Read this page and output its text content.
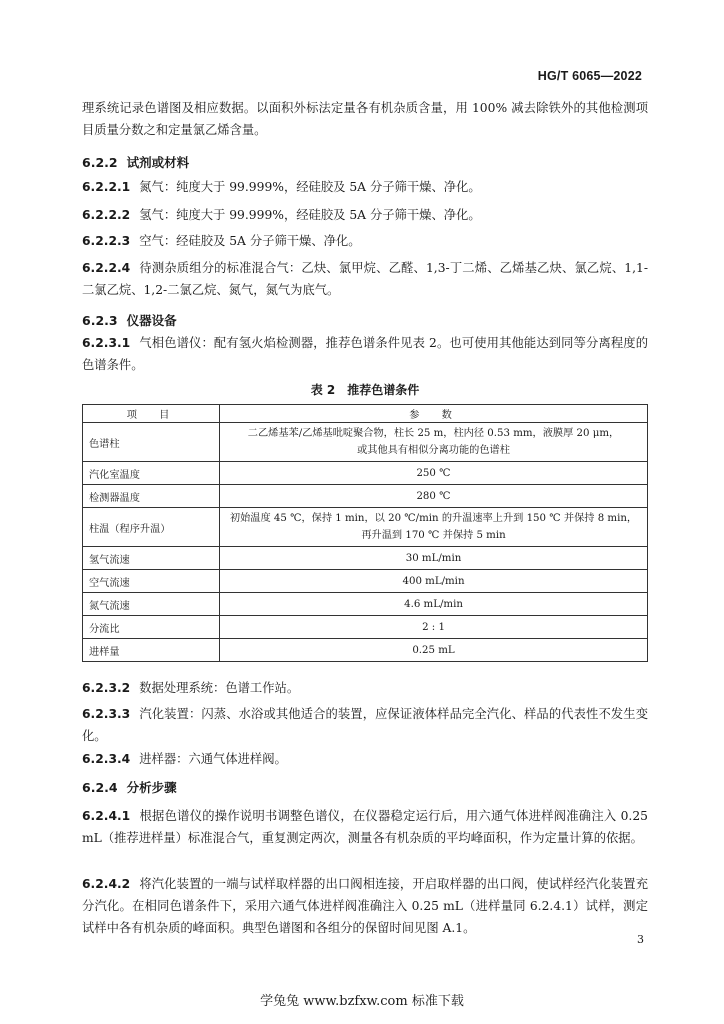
HG/T 6065—2022
理系统记录色谱图及相应数据。以面积外标法定量各有机杂质含量，用 100% 减去除铁外的其他检测项目质量分数之和定量氯乙烯含量。
6.2.2 试剂或材料
6.2.2.1 氮气：纯度大于 99.999%，经硅胶及 5A 分子筛干燥、净化。
6.2.2.2 氢气：纯度大于 99.999%，经硅胶及 5A 分子筛干燥、净化。
6.2.2.3 空气：经硅胶及 5A 分子筛干燥、净化。
6.2.2.4 待测杂质组分的标准混合气：乙炔、氯甲烷、乙醛、1,3-丁二烯、乙烯基乙炔、氯乙烷、1,1-二氯乙烷、1,2-二氯乙烷、氮气，氮气为底气。
6.2.3 仪器设备
6.2.3.1 气相色谱仪：配有氢火焰检测器，推荐色谱条件见表 2。也可使用其他能达到同等分离程度的色谱条件。
表 2　推荐色谱条件
项　目	参　数
色谱柱	二乙烯基苯/乙烯基吡啶聚合物，柱长 25 m，柱内径 0.53 mm，液膜厚 20 μm，
或其他具有相似分离功能的色谱柱

汽化室温度	250 ℃
检测器温度	280 ℃
柱温（程序升温）	初始温度 45 ℃，保持 1 min，以 20 ℃/min 的升温速率上升到 150 ℃ 并保持 8 min，
再升温到 170 ℃ 并保持 5 min

氢气流速	30 mL/min
空气流速	400 mL/min
氮气流速	4.6 mL/min
分流比	2 : 1
进样量	0.25 mL
6.2.3.2 数据处理系统：色谱工作站。
6.2.3.3 汽化装置：闪蒸、水浴或其他适合的装置，应保证液体样品完全汽化、样品的代表性不发生变化。
6.2.3.4 进样器：六通气体进样阀。
6.2.4 分析步骤
6.2.4.1 根据色谱仪的操作说明书调整色谱仪，在仪器稳定运行后，用六通气体进样阀准确注入 0.25 mL（推荐进样量）标准混合气，重复测定两次，测量各有机杂质的平均峰面积，作为定量计算的依据。
6.2.4.2 将汽化装置的一端与试样取样器的出口阀相连接，开启取样器的出口阀，使试样经汽化装置充分汽化。在相同色谱条件下，采用六通气体进样阀准确注入 0.25 mL（进样量同 6.2.4.1）试样，测定试样中各有机杂质的峰面积。典型色谱图和各组分的保留时间见图 A.1。
3
学兔兔 www.bzfxw.com 标准下载
